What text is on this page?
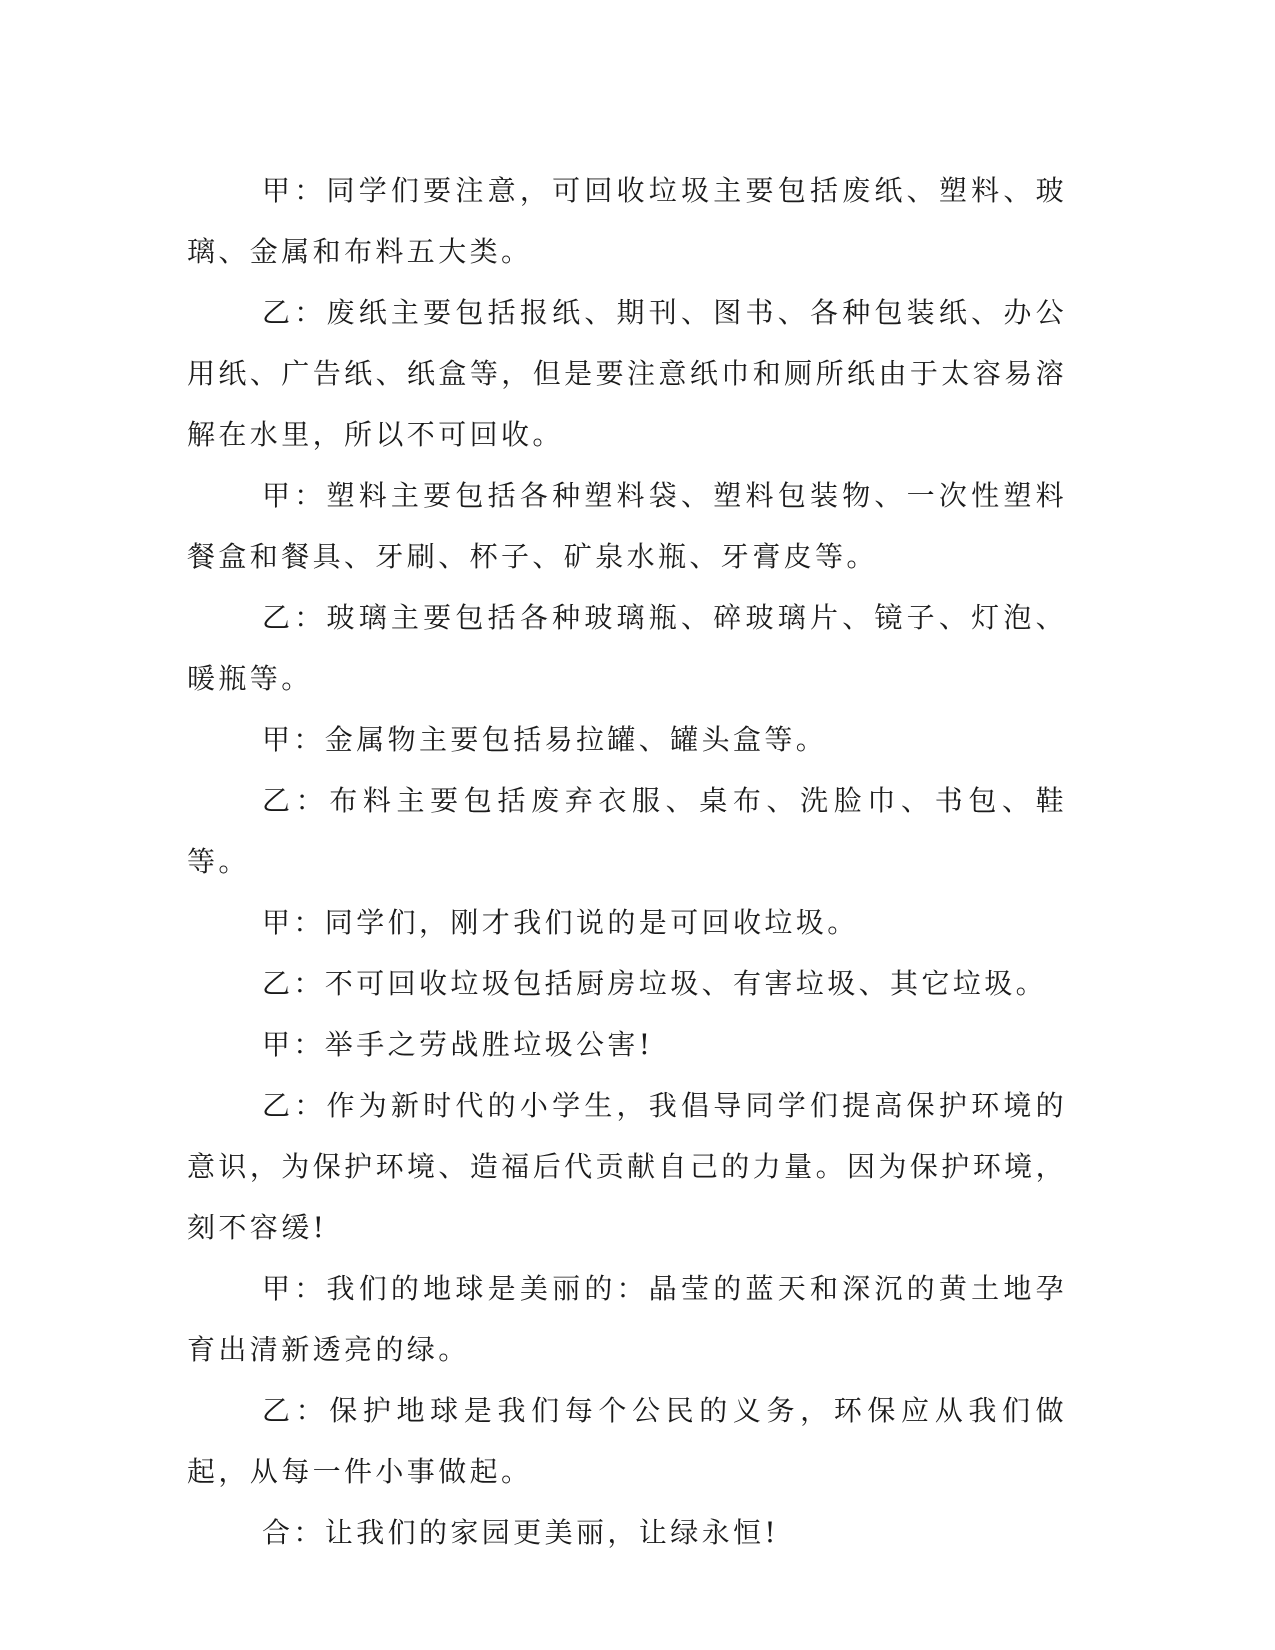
甲：同学们要注意，可回收垃圾主要包括废纸、塑料、玻璃、金属和布料五大类。

乙：废纸主要包括报纸、期刊、图书、各种包装纸、办公用纸、广告纸、纸盒等，但是要注意纸巾和厕所纸由于太容易溶解在水里，所以不可回收。

甲：塑料主要包括各种塑料袋、塑料包装物、一次性塑料餐盒和餐具、牙刷、杯子、矿泉水瓶、牙膏皮等。

乙：玻璃主要包括各种玻璃瓶、碎玻璃片、镜子、灯泡、暖瓶等。

甲：金属物主要包括易拉罐、罐头盒等。

乙：布料主要包括废弃衣服、桌布、洗脸巾、书包、鞋等。

甲：同学们，刚才我们说的是可回收垃圾。

乙：不可回收垃圾包括厨房垃圾、有害垃圾、其它垃圾。

甲：举手之劳战胜垃圾公害!

乙：作为新时代的小学生，我倡导同学们提高保护环境的意识，为保护环境、造福后代贡献自己的力量。因为保护环境，刻不容缓!

甲：我们的地球是美丽的：晶莹的蓝天和深沉的黄土地孕育出清新透亮的绿。

乙：保护地球是我们每个公民的义务，环保应从我们做起，从每一件小事做起。

合：让我们的家园更美丽，让绿永恒!
